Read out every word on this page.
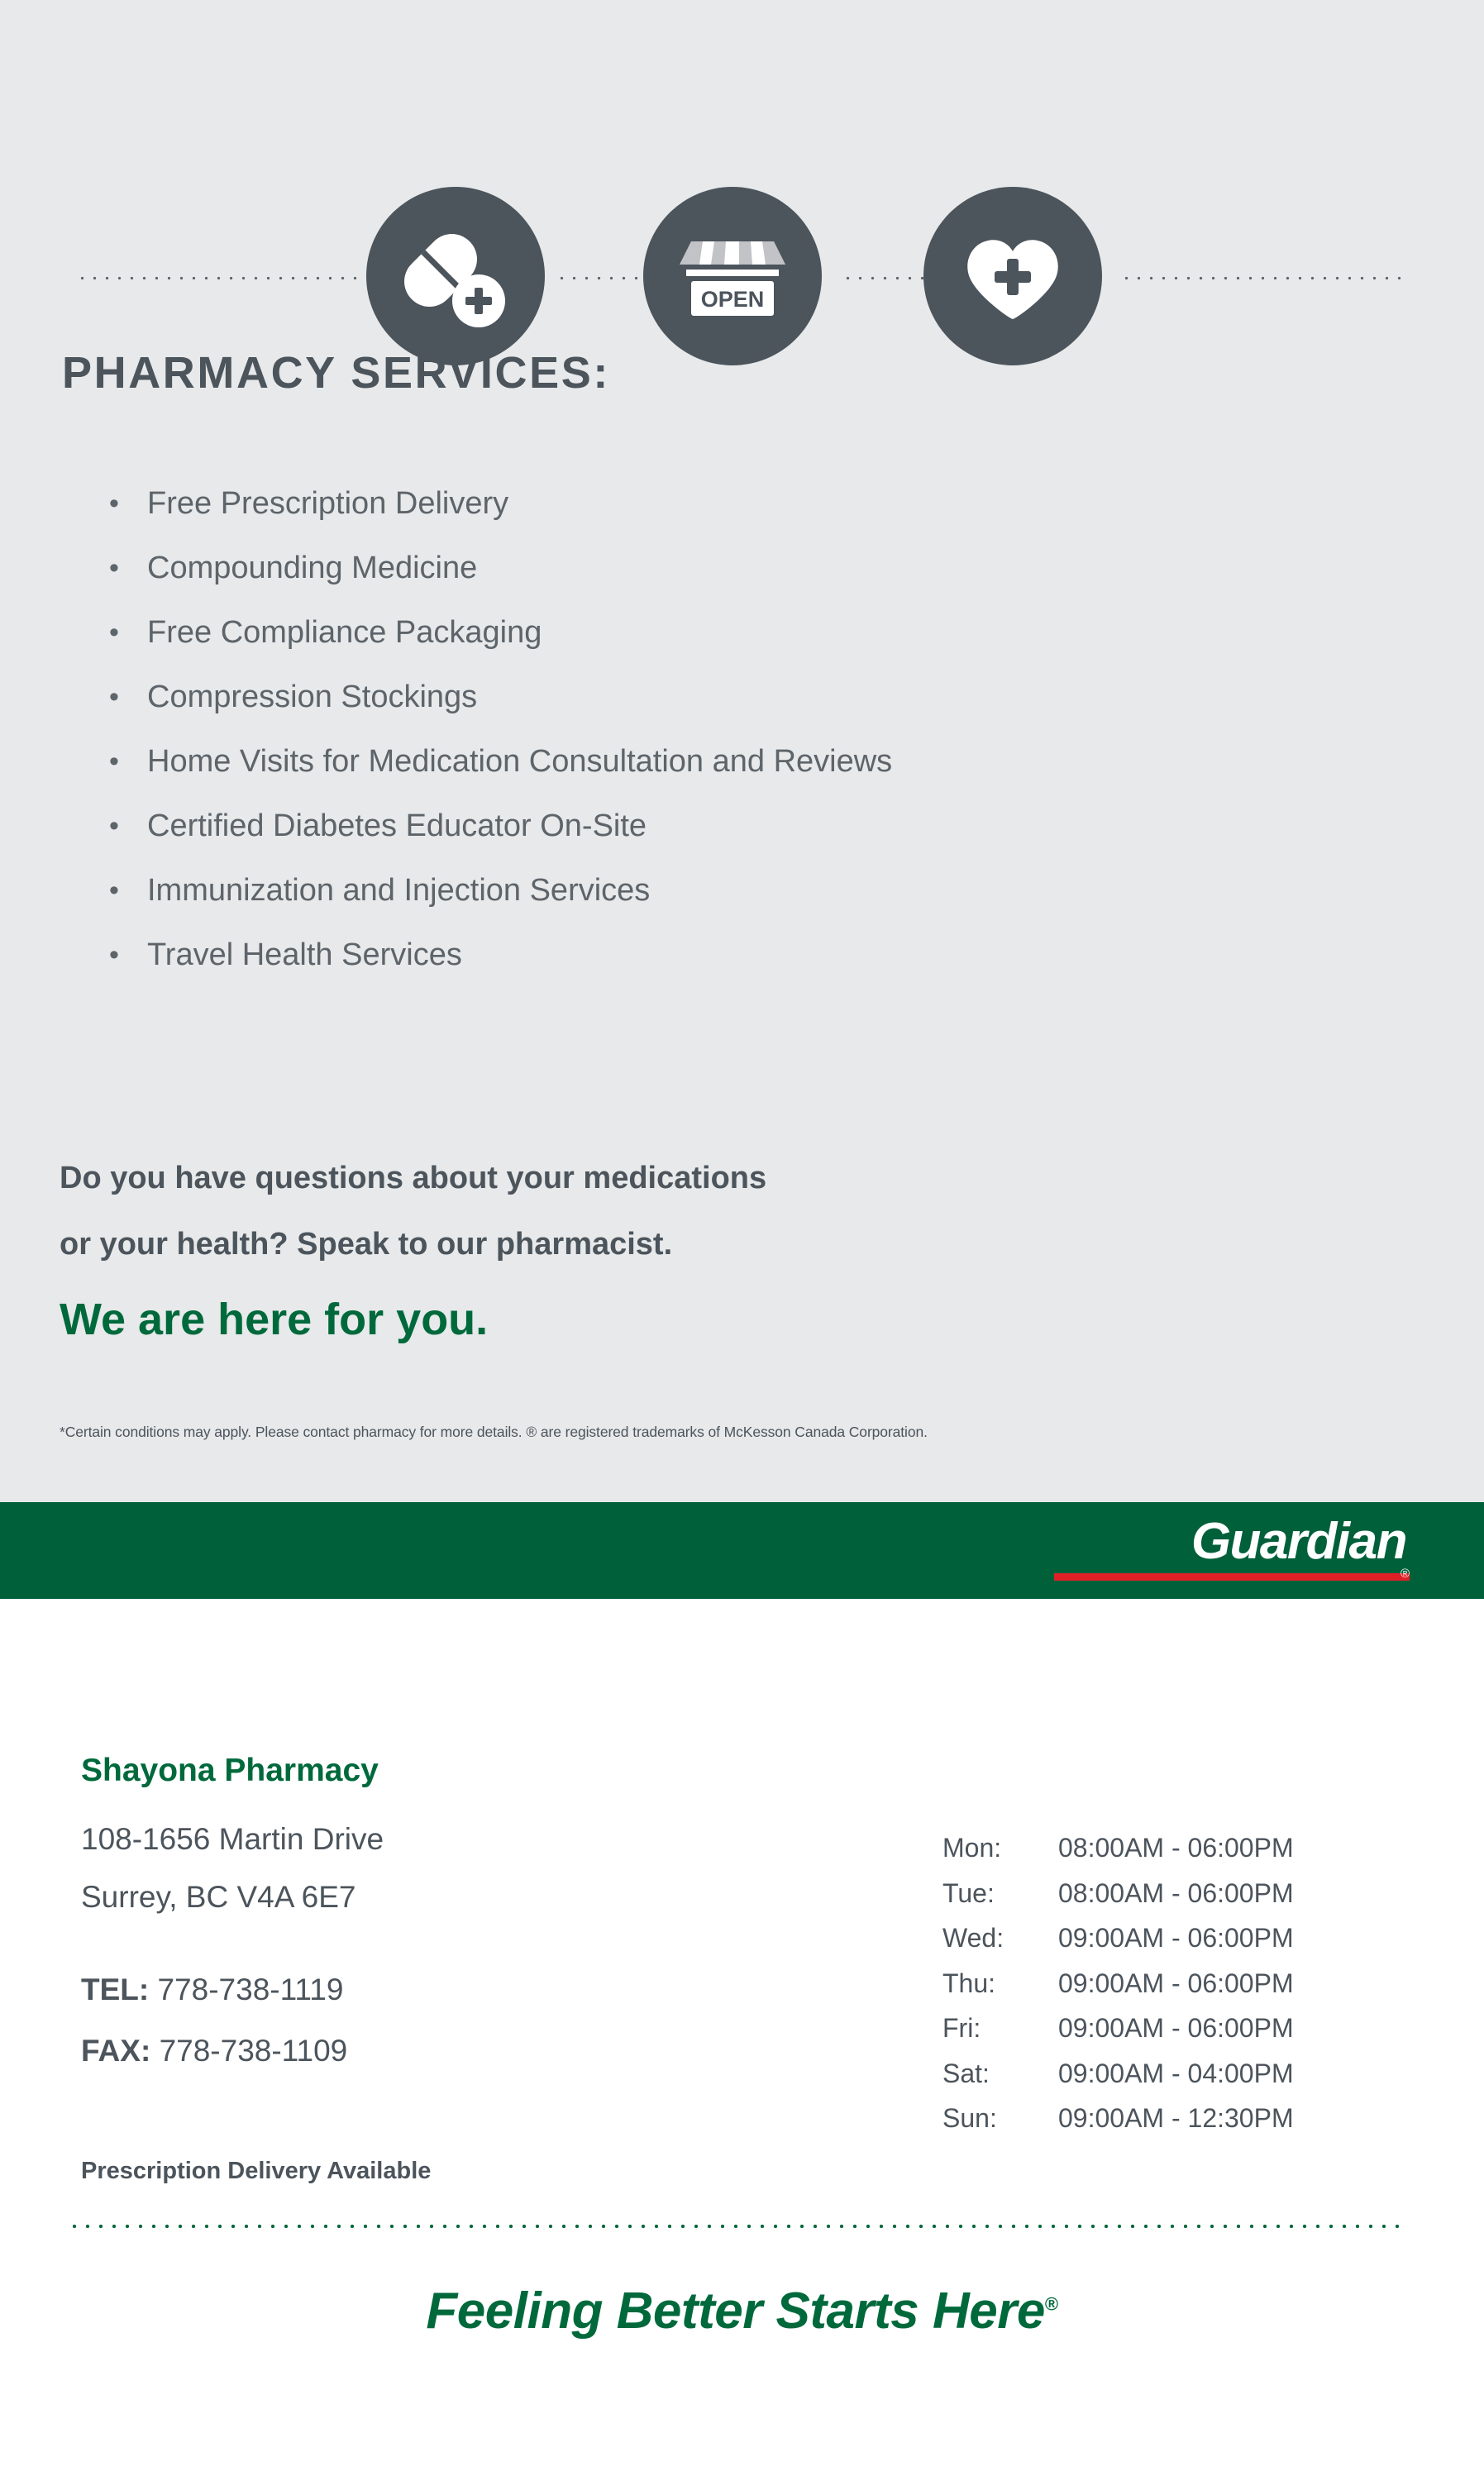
OPEN
PHARMACY SERVICES:
• Free Prescription Delivery
• Compounding Medicine
• Free Compliance Packaging
• Compression Stockings
• Home Visits for Medication Consultation and Reviews
• Certified Diabetes Educator On-Site
• Immunization and Injection Services
• Travel Health Services
Do you have questions about your medications
or your health? Speak to our pharmacist.
We are here for you.
*Certain conditions may apply. Please contact pharmacy for more details. ® are registered trademarks of McKesson Canada Corporation.
Guardian
®
Shayona Pharmacy
108-1656 Martin Drive
Surrey, BC V4A 6E7
TEL: 778-738-1119
FAX: 778-738-1109
Prescription Delivery Available
Mon: 08:00AM - 06:00PM
Tue: 08:00AM - 06:00PM
Wed: 09:00AM - 06:00PM
Thu: 09:00AM - 06:00PM
Fri:	09:00AM - 06:00PM
Sat:	09:00AM - 04:00PM
Sun: 09:00AM - 12:30PM
Feeling Better Starts Here®
